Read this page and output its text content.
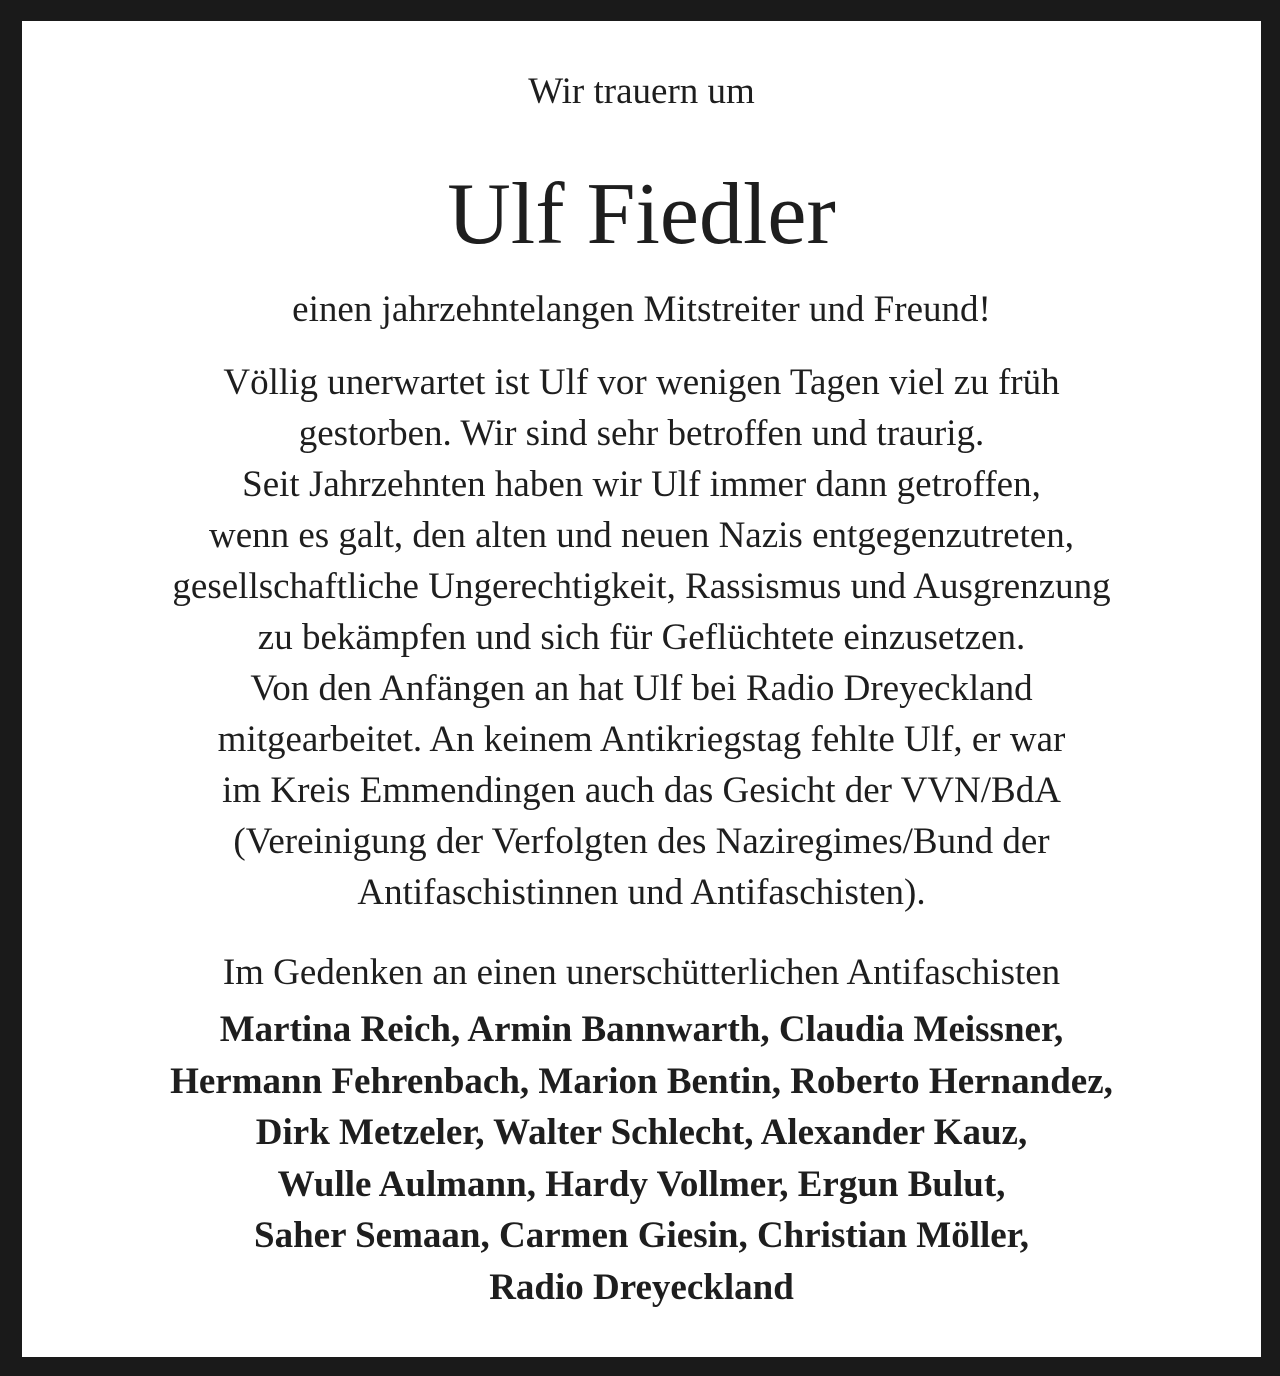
Wir trauern um
Ulf Fiedler
einen jahrzehntelangen Mitstreiter und Freund!
Völlig unerwartet ist Ulf vor wenigen Tagen viel zu früh
gestorben. Wir sind sehr betroffen und traurig.
Seit Jahrzehnten haben wir Ulf immer dann getroffen,
wenn es galt, den alten und neuen Nazis entgegenzutreten,
gesellschaftliche Ungerechtigkeit, Rassismus und Ausgrenzung
zu bekämpfen und sich für Geflüchtete einzusetzen.
Von den Anfängen an hat Ulf bei Radio Dreyeckland
mitgearbeitet. An keinem Antikriegstag fehlte Ulf, er war
im Kreis Emmendingen auch das Gesicht der VVN/BdA
(Vereinigung der Verfolgten des Naziregimes/Bund der
Antifaschistinnen und Antifaschisten).
Im Gedenken an einen unerschütterlichen Antifaschisten
Martina Reich, Armin Bannwarth, Claudia Meissner,
Hermann Fehrenbach, Marion Bentin, Roberto Hernandez,
Dirk Metzeler, Walter Schlecht, Alexander Kauz,
Wulle Aulmann, Hardy Vollmer, Ergun Bulut,
Saher Semaan, Carmen Giesin, Christian Möller,
Radio Dreyeckland
